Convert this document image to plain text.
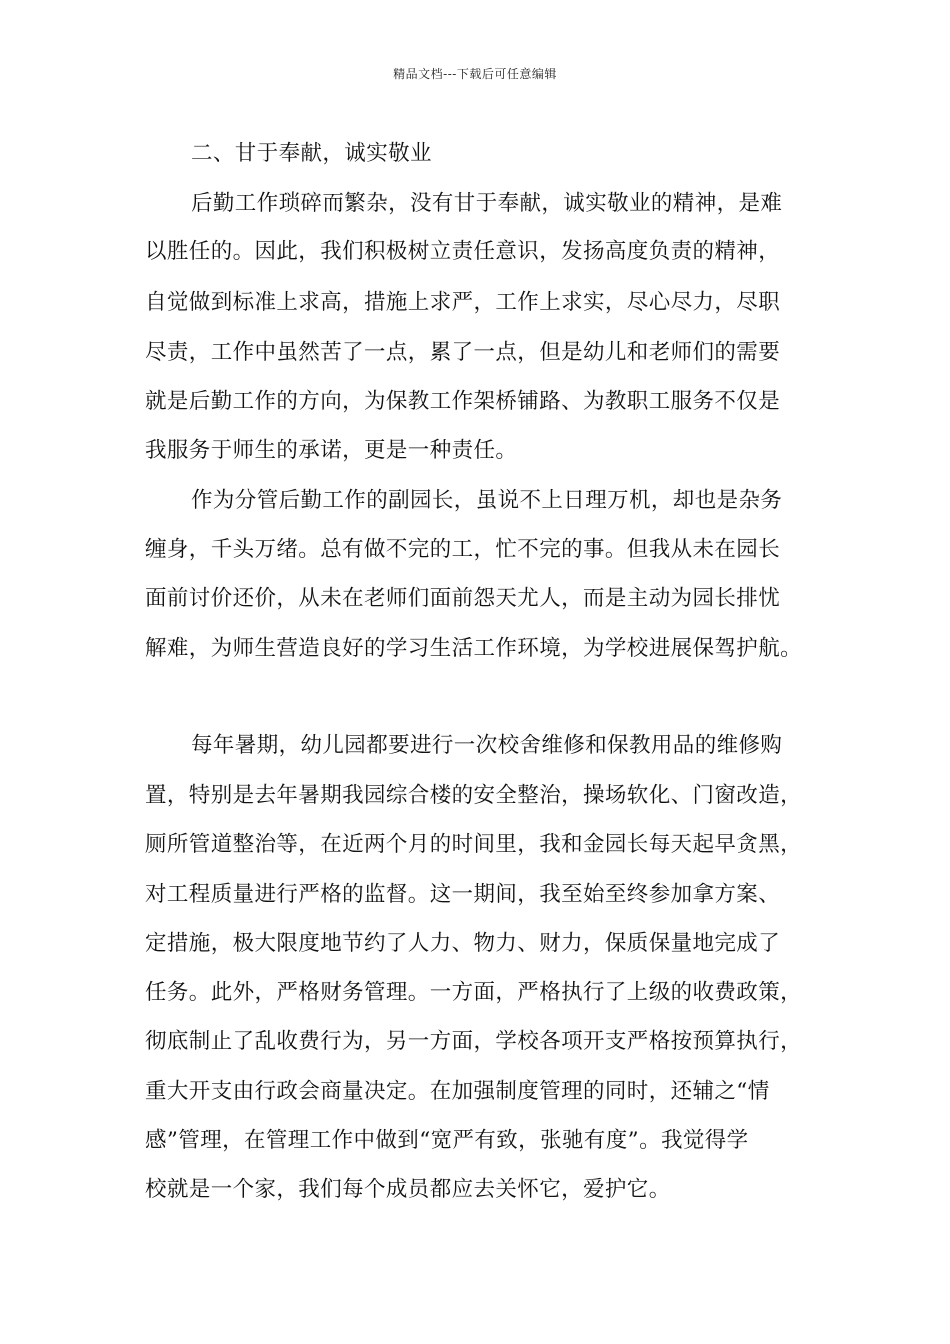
精品文档---下载后可任意编辑
二、甘于奉献，诚实敬业
后勤工作琐碎而繁杂，没有甘于奉献，诚实敬业的精神，是难
以胜任的。因此，我们积极树立责任意识，发扬高度负责的精神，
自觉做到标准上求高，措施上求严，工作上求实，尽心尽力，尽职
尽责，工作中虽然苦了一点，累了一点，但是幼儿和老师们的需要
就是后勤工作的方向，为保教工作架桥铺路、为教职工服务不仅是
我服务于师生的承诺，更是一种责任。
作为分管后勤工作的副园长，虽说不上日理万机，却也是杂务
缠身，千头万绪。总有做不完的工，忙不完的事。但我从未在园长
面前讨价还价，从未在老师们面前怨天尤人，而是主动为园长排忧
解难，为师生营造良好的学习生活工作环境，为学校进展保驾护航。
每年暑期，幼儿园都要进行一次校舍维修和保教用品的维修购
置，特别是去年暑期我园综合楼的安全整治，操场软化、门窗改造，
厕所管道整治等，在近两个月的时间里，我和金园长每天起早贪黑，
对工程质量进行严格的监督。这一期间，我至始至终参加拿方案、
定措施，极大限度地节约了人力、物力、财力，保质保量地完成了
任务。此外，严格财务管理。一方面，严格执行了上级的收费政策，
彻底制止了乱收费行为，另一方面，学校各项开支严格按预算执行，
重大开支由行政会商量决定。在加强制度管理的同时，还辅之“情
感”管理，在管理工作中做到“宽严有致，张驰有度”。我觉得学
校就是一个家，我们每个成员都应去关怀它，爱护它。
